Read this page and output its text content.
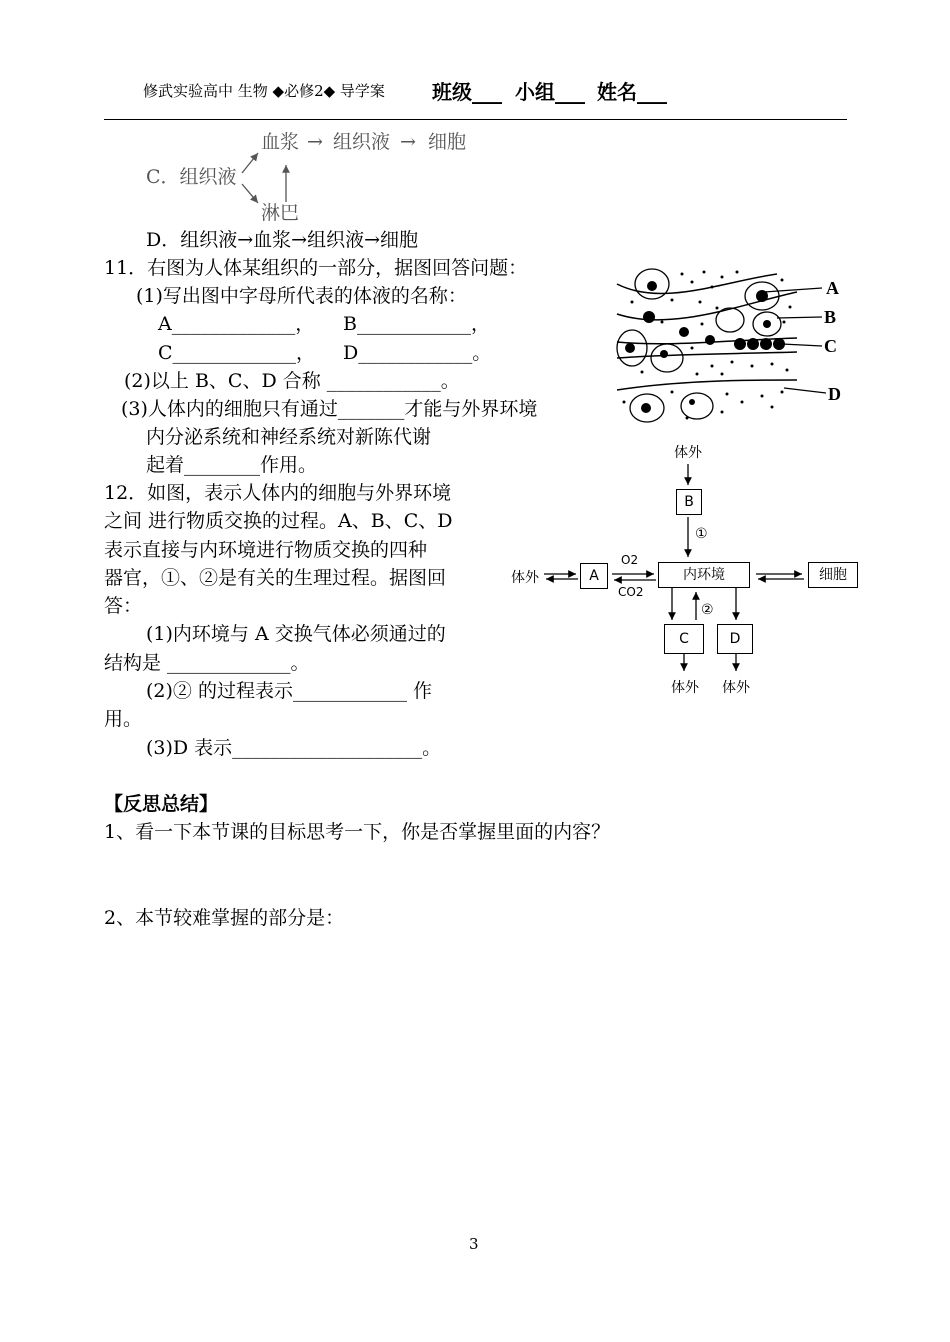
修武实验高中 生物 ◆必修2◆ 导学案 班级___ 小组___ 姓名___
C．组织液
血浆 → 组织液 → 细胞
淋巴
D．组织液→血浆→组织液→细胞
11．右图为人体某组织的一部分，据图回答问题：
(1)写出图中字母所代表的体液的名称：
A_____________， B____________，
C_____________， D____________。
(2)以上 B、C、D 合称 ____________。
(3)人体内的细胞只有通过_______才能与外界环境
内分泌系统和神经系统对新陈代谢
起着________作用。
A
B
C
D
12．如图，表示人体内的细胞与外界环境
之间 进行物质交换的过程。A、B、C、D
表示直接与内环境进行物质交换的四种
器官，①、②是有关的生理过程。据图回
答：
(1)内环境与 A 交换气体必须通过的
结构是 _____________。
(2)② 的过程表示____________ 作
用。
(3)D 表示____________________。
体外
B
①
体外	A
O2
CO2
内环境	细胞
②
C	D
体外 体外
【反思总结】
1、看一下本节课的目标思考一下，你是否掌握里面的内容？
2、本节较难掌握的部分是：
3
